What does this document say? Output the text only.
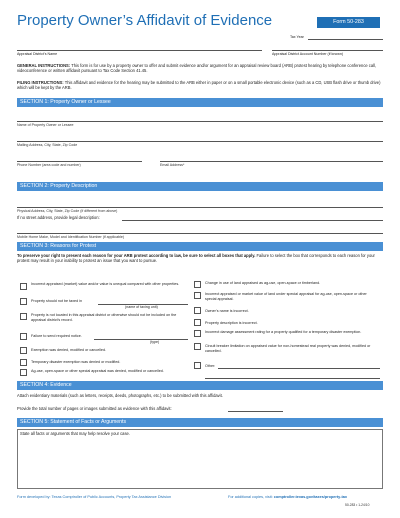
Property Owner’s Affidavit of Evidence	Form 50-283
Tax Year
Appraisal District’s Name	Appraisal District Account Number (if known)
GENERAL INSTRUCTIONS: This form is for use by a property owner to offer and submit evidence and/or argument for an appraisal review board (ARB) protest hearing by telephone conference call, videoconference or written affidavit pursuant to Tax Code Section 41.45.
FILING INSTRUCTIONS: This affidavit and evidence for the hearing may be submitted to the ARB either in paper or on a small portable electronic device (such as a CD, USB flash drive or thumb drive) which will be kept by the ARB.
SECTION 1: Property Owner or Lessee
Name of Property Owner or Lessee
Mailing Address, City, State, Zip Code
Phone Number (area code and number)	Email Address*
SECTION 2: Property Description
Physical Address, City, State, Zip Code (if different from above)
If no street address, provide legal description:
Mobile Home Make, Model and Identification Number (if applicable)
SECTION 3: Reasons for Protest
To preserve your right to present each reason for your ARB protest according to law, be sure to select all boxes that apply. Failure to select the box that corresponds to each reason for your protest may result in your inability to protest an issue that you want to pursue.
Incorrect appraised (market) value and/or value is unequal compared with other properties.
Property should not be taxed in
(name of taxing unit)
Property is not located in this appraisal district or otherwise should not be included on the appraisal district’s record.
Failure to send required notice.
(type)
Exemption was denied, modified or cancelled.
Temporary disaster exemption was denied or modified.
Ag-use, open-space or other special appraisal was denied, modified or cancelled.
Change in use of land appraised as ag-use, open-space or timberland.
Incorrect appraised or market value of land under special appraisal for ag-use, open-space or other special appraisal.
Owner’s name is incorrect.
Property description is incorrect.
Incorrect damage assessment rating for a property qualified for a temporary disaster exemption.
Circuit breaker limitation on appraised value for non-homestead real property was denied, modified or cancelled.
Other:
SECTION 4: Evidence
Attach evidentiary materials (such as letters, receipts, deeds, photographs, etc.) to be submitted with this affidavit.
Provide the total number of pages or images submitted as evidence with this affidavit:
SECTION 5: Statement of Facts or Arguments
State all facts or arguments that may help resolve your case.
Form developed by: Texas Comptroller of Public Accounts, Property Tax Assistance Division	For additional copies, visit: comptroller.texas.gov/taxes/property-tax
50-283 • 1-24/10
